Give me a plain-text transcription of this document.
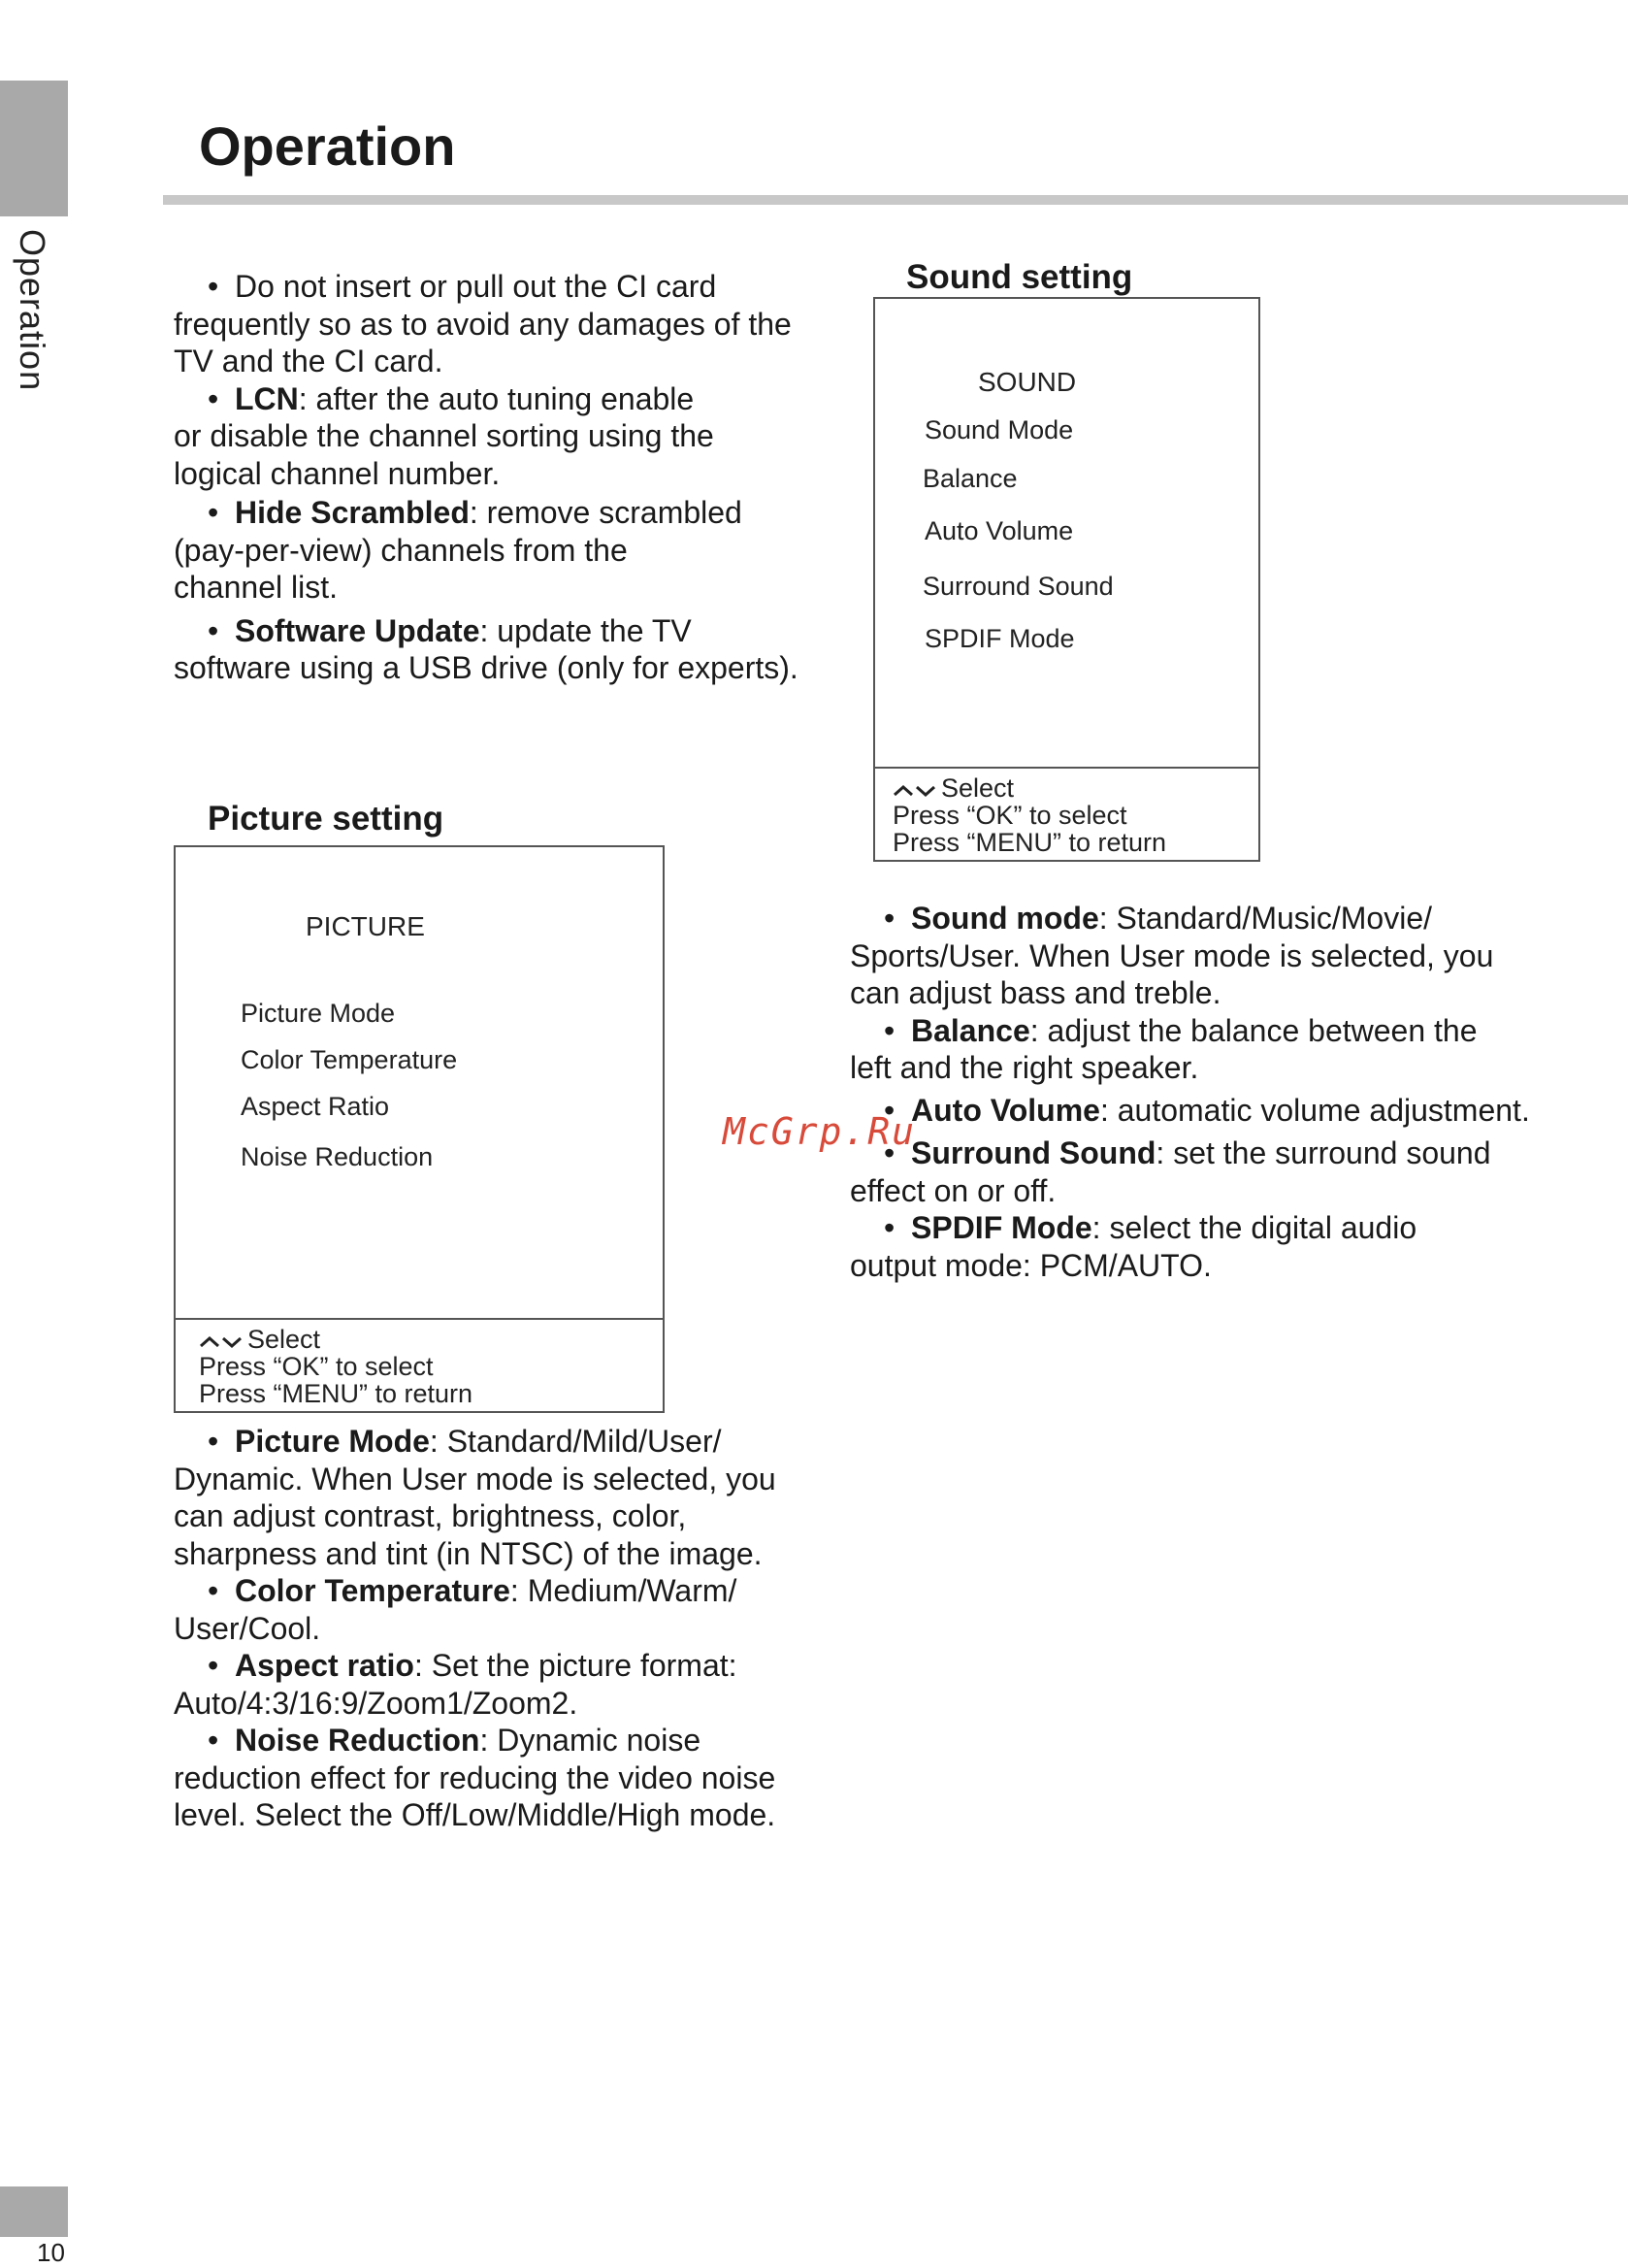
Operation
Operation

• Do not insert or pull out the CI card

frequently so as to avoid any damages of the

TV and the CI card.

• LCN: after the auto tuning enable

or disable the channel sorting using the

logical channel number.

• Hide Scrambled: remove scrambled

(pay-per-view) channels from the

channel list.

• Software Update: update the TV

software using a USB drive (only for experts).

Sound setting
SOUND
Sound Mode
Balance
Auto Volume
Surround Sound
SPDIF Mode
Select
Press “OK” to select
Press “MENU” to return

• Sound mode: Standard/Music/Movie/

Sports/User. When User mode is selected, you

can adjust bass and treble.

• Balance: adjust the balance between the

left and the right speaker.

• Auto Volume: automatic volume adjustment.

• Surround Sound: set the surround sound

effect on or off.

• SPDIF Mode: select the digital audio

output mode: PCM/AUTO.

Picture setting
PICTURE
Picture Mode
Color Temperature
Aspect Ratio
Noise Reduction
Select
Press “OK” to select
Press “MENU” to return

• Picture Mode: Standard/Mild/User/

Dynamic. When User mode is selected, you

can adjust contrast, brightness, color,

sharpness and tint (in NTSC) of the image.

• Color Temperature: Medium/Warm/

User/Cool.

• Aspect ratio: Set the picture format:

Auto/4:3/16:9/Zoom1/Zoom2.

• Noise Reduction: Dynamic noise

reduction effect for reducing the video noise

level. Select the Off/Low/Middle/High mode.

McGrp.Ru
10
